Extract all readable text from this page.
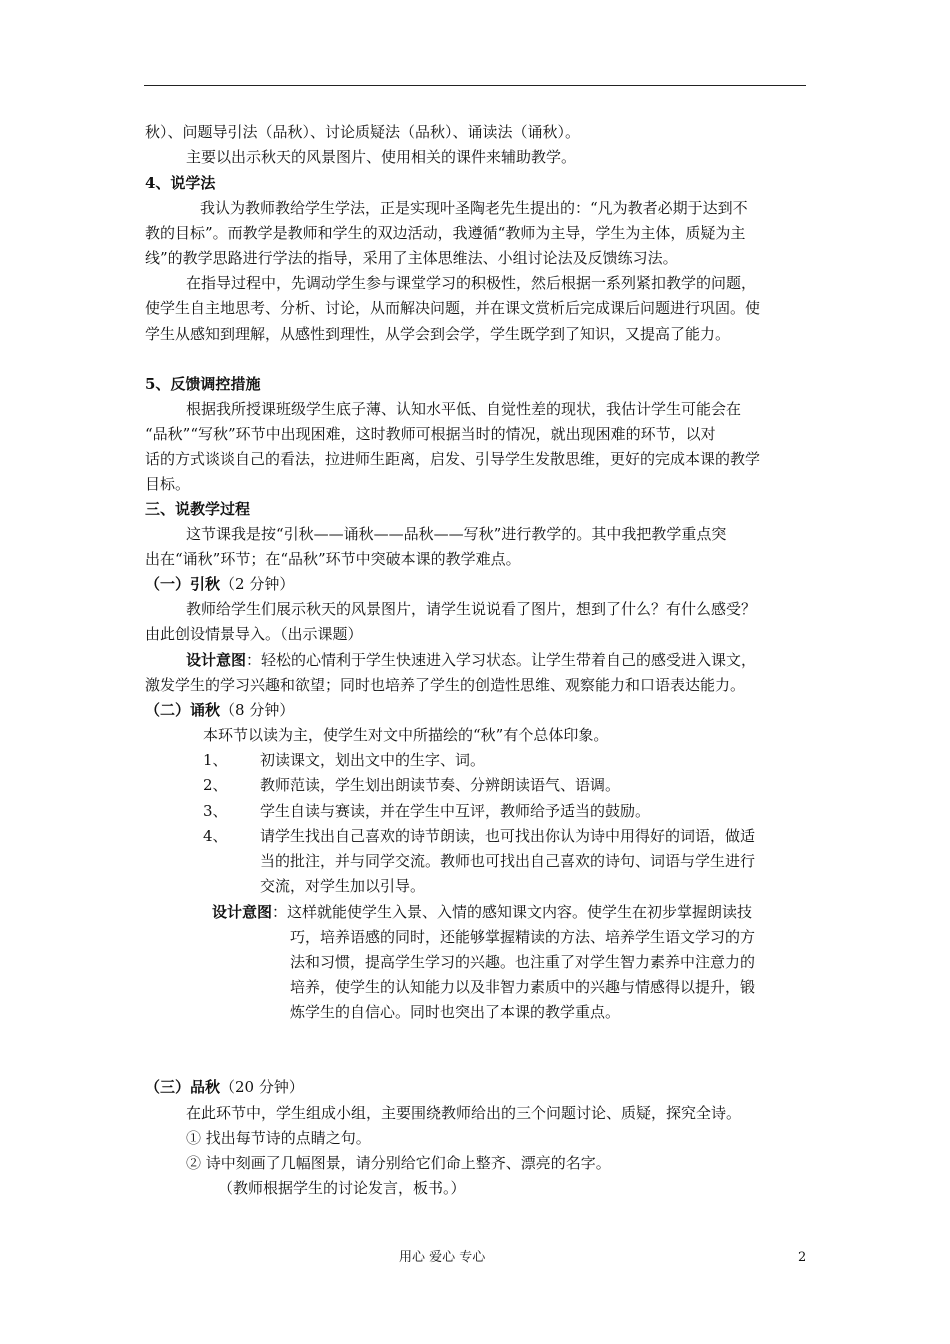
秋）、问题导引法（品秋）、讨论质疑法（品秋）、诵读法（诵秋）。
主要以出示秋天的风景图片、使用相关的课件来辅助教学。
4、说学法
我认为教师教给学生学法，正是实现叶圣陶老先生提出的：“凡为教者必期于达到不
教的目标”。而教学是教师和学生的双边活动，我遵循“教师为主导，学生为主体，质疑为主
线”的教学思路进行学法的指导，采用了主体思维法、小组讨论法及反馈练习法。
在指导过程中，先调动学生参与课堂学习的积极性，然后根据一系列紧扣教学的问题，
使学生自主地思考、分析、讨论，从而解决问题，并在课文赏析后完成课后问题进行巩固。使
学生从感知到理解，从感性到理性，从学会到会学，学生既学到了知识，又提高了能力。
5、反馈调控措施
根据我所授课班级学生底子薄、认知水平低、自觉性差的现状，我估计学生可能会在
“品秋”“写秋”环节中出现困难，这时教师可根据当时的情况，就出现困难的环节，以对
话的方式谈谈自己的看法，拉进师生距离，启发、引导学生发散思维，更好的完成本课的教学
目标。
三、说教学过程
这节课我是按“引秋——诵秋——品秋——写秋”进行教学的。其中我把教学重点突
出在“诵秋”环节；在“品秋”环节中突破本课的教学难点。
（一）引秋（2 分钟）
教师给学生们展示秋天的风景图片，请学生说说看了图片，想到了什么？有什么感受？
由此创设情景导入。（出示课题）
设计意图：轻松的心情利于学生快速进入学习状态。让学生带着自己的感受进入课文，
激发学生的学习兴趣和欲望；同时也培养了学生的创造性思维、观察能力和口语表达能力。
（二）诵秋（8 分钟）
本环节以读为主，使学生对文中所描绘的“秋”有个总体印象。
1、 初读课文，划出文中的生字、词。
2、 教师范读，学生划出朗读节奏、分辨朗读语气、语调。
3、 学生自读与赛读，并在学生中互评，教师给予适当的鼓励。
4、 请学生找出自己喜欢的诗节朗读，也可找出你认为诗中用得好的词语，做适
当的批注，并与同学交流。教师也可找出自己喜欢的诗句、词语与学生进行
交流，对学生加以引导。
设计意图：这样就能使学生入景、入情的感知课文内容。使学生在初步掌握朗读技
巧，培养语感的同时，还能够掌握精读的方法、培养学生语文学习的方
法和习惯，提高学生学习的兴趣。也注重了对学生智力素养中注意力的
培养，使学生的认知能力以及非智力素质中的兴趣与情感得以提升，锻
炼学生的自信心。同时也突出了本课的教学重点。
（三）品秋（20 分钟）
在此环节中，学生组成小组，主要围绕教师给出的三个问题讨论、质疑，探究全诗。
① 找出每节诗的点睛之句。
② 诗中刻画了几幅图景，请分别给它们命上整齐、漂亮的名字。
（教师根据学生的讨论发言，板书。）
用心 爱心 专心	2
